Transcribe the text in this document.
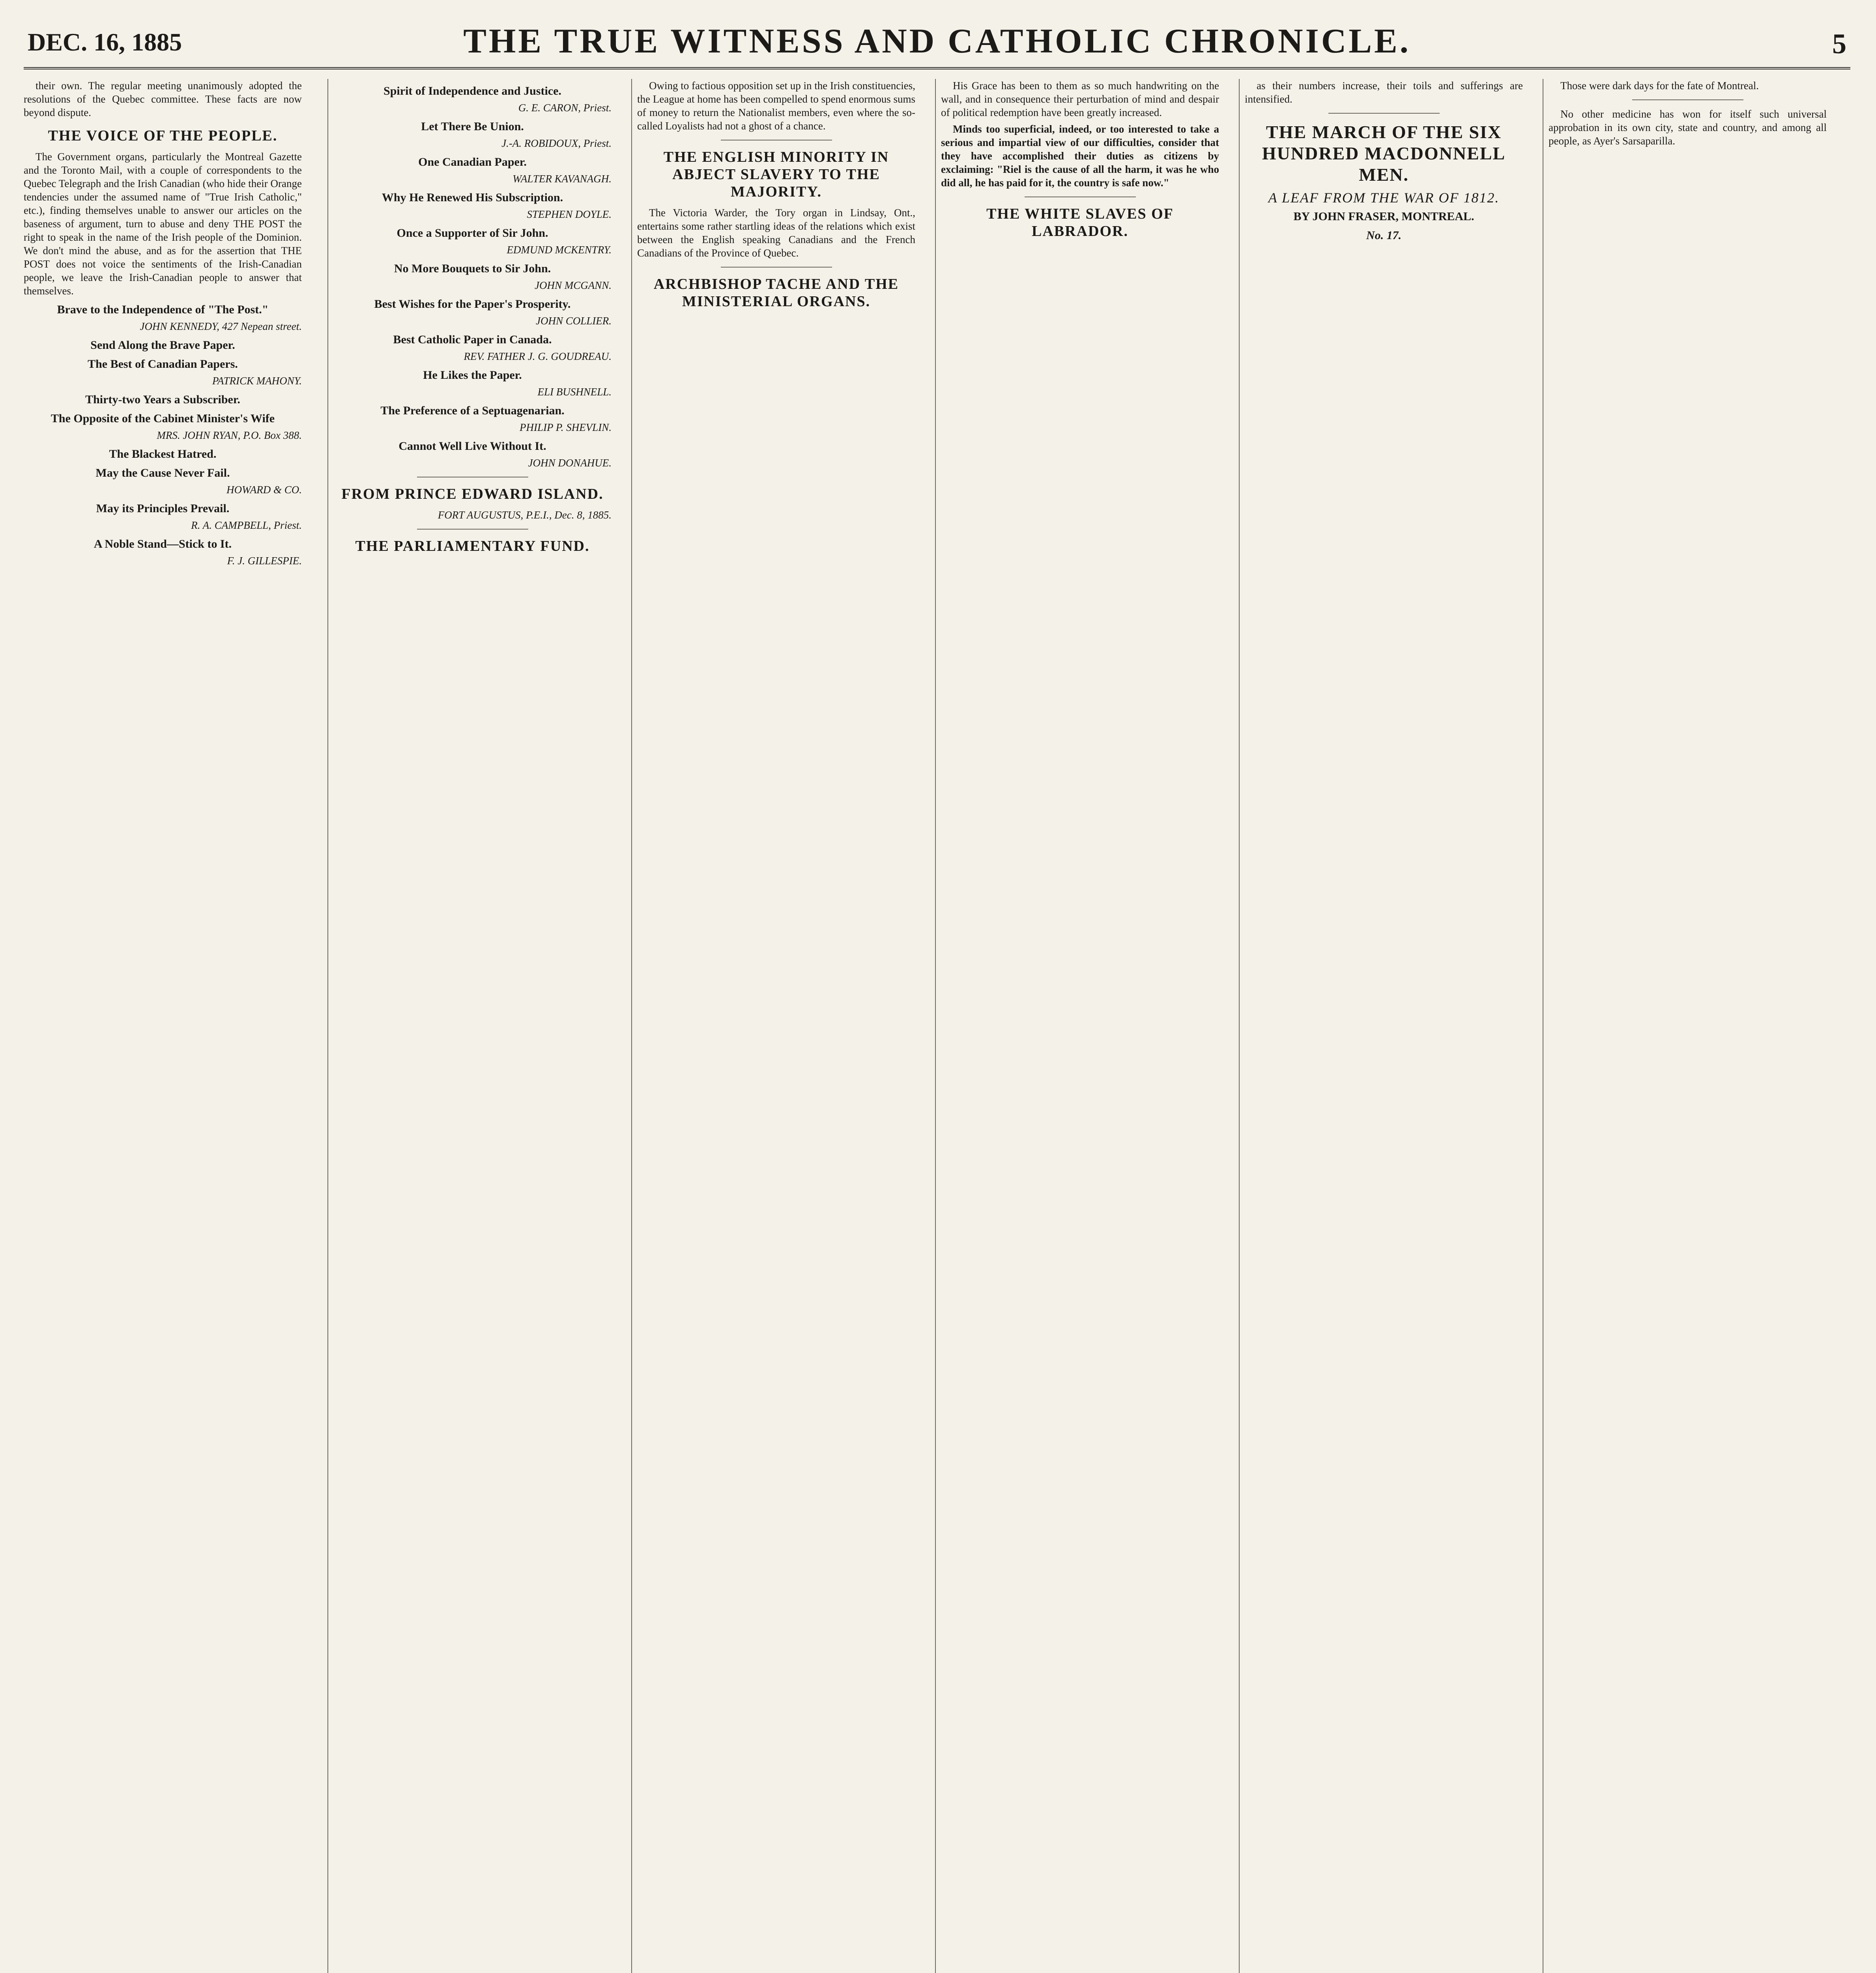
DEC. 16, 1885	THE TRUE WITNESS AND CATHOLIC CHRONICLE.	5

their own. The regular meeting unanimously adopted the resolutions of the Quebec committee. These facts are now beyond dispute.

THE VOICE OF THE PEOPLE.

The Government organs, particularly the Montreal Gazette and the Toronto Mail, with a couple of correspondents to the Quebec Telegraph and the Irish Canadian (who hide their Orange tendencies under the assumed name of "True Irish Catholic," etc.), finding themselves unable to answer our articles on the baseness of argument, turn to abuse and deny THE POST the right to speak in the name of the Irish people of the Dominion. We don't mind the abuse, and as for the assertion that THE POST does not voice the sentiments of the Irish-Canadian people, we leave the Irish-Canadian people to answer that themselves.

Brave to the Independence of "The Post."
JOHN KENNEDY, 427 Nepean street.
Send Along the Brave Paper.
The Best of Canadian Papers.
PATRICK MAHONY.
Thirty-two Years a Subscriber.
The Opposite of the Cabinet Minister's Wife
MRS. JOHN RYAN, P.O. Box 388.
The Blackest Hatred.
May the Cause Never Fail.
HOWARD & CO.
May its Principles Prevail.
R. A. CAMPBELL, Priest.
A Noble Stand—Stick to It.
F. J. GILLESPIE.
Spirit of Independence and Justice.
G. E. CARON, Priest.
Let There Be Union.
J.-A. ROBIDOUX, Priest.
One Canadian Paper.
WALTER KAVANAGH.
Why He Renewed His Subscription.
STEPHEN DOYLE.
Once a Supporter of Sir John.
EDMUND MCKENTRY.
No More Bouquets to Sir John.
JOHN MCGANN.
Best Wishes for the Paper's Prosperity.
JOHN COLLIER.
Best Catholic Paper in Canada.
REV. FATHER J. G. GOUDREAU.
He Likes the Paper.
ELI BUSHNELL.
The Preference of a Septuagenarian.
PHILIP P. SHEVLIN.
Cannot Well Live Without It.
JOHN DONAHUE.
FROM PRINCE EDWARD ISLAND.
FORT AUGUSTUS, P.E.I., Dec. 8, 1885.
THE PARLIAMENTARY FUND.

Owing to factious opposition set up in the Irish constituencies, the League at home has been compelled to spend enormous sums of money to return the Nationalist members, even where the so-called Loyalists had not a ghost of a chance.

THE ENGLISH MINORITY IN ABJECT SLAVERY TO THE MAJORITY.

The Victoria Warder, the Tory organ in Lindsay, Ont., entertains some rather startling ideas of the relations which exist between the English speaking Canadians and the French Canadians of the Province of Quebec.

ARCHBISHOP TACHE AND THE MINISTERIAL ORGANS.

His Grace has been to them as so much handwriting on the wall, and in consequence their perturbation of mind and despair of political redemption have been greatly increased.

Minds too superficial, indeed, or too interested to take a serious and impartial view of our difficulties, consider that they have accomplished their duties as citizens by exclaiming: "Riel is the cause of all the harm, it was he who did all, he has paid for it, the country is safe now."

THE WHITE SLAVES OF LABRADOR.

as their numbers increase, their toils and sufferings are intensified.

THE MARCH OF THE SIX HUNDRED MACDONNELL MEN.
A LEAF FROM THE WAR OF 1812.
BY JOHN FRASER, MONTREAL.
No. 17.

Those were dark days for the fate of Montreal.

No other medicine has won for itself such universal approbation in its own city, state and country, and among all people, as Ayer's Sarsaparilla.
